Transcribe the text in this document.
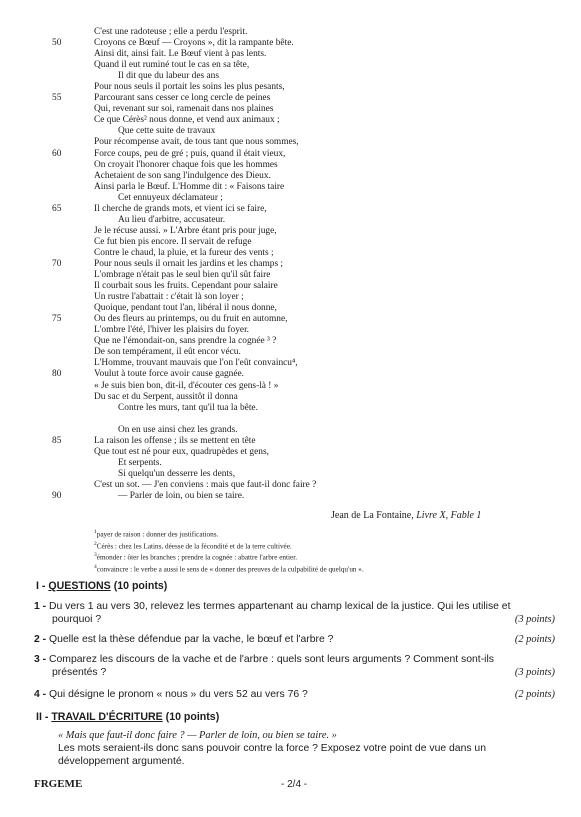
C'est une radoteuse ; elle a perdu l'esprit.
50	Croyons ce Bœuf — Croyons », dit la rampante bête.
Ainsi dit, ainsi fait. Le Bœuf vient à pas lents.
Quand il eut ruminé tout le cas en sa tête,
Il dit que du labeur des ans
Pour nous seuls il portait les soins les plus pesants,
55	Parcourant sans cesser ce long cercle de peines
Qui, revenant sur soi, ramenait dans nos plaines
Ce que Cérès² nous donne, et vend aux animaux ;
Que cette suite de travaux
Pour récompense avait, de tous tant que nous sommes,
60	Force coups, peu de gré ; puis, quand il était vieux,
On croyait l'honorer chaque fois que les hommes
Achetaient de son sang l'indulgence des Dieux.
Ainsi parla le Bœuf. L'Homme dit : « Faisons taire
Cet ennuyeux déclamateur ;
65	Il cherche de grands mots, et vient ici se faire,
Au lieu d'arbitre, accusateur.
Je le récuse aussi. » L'Arbre étant pris pour juge,
Ce fut bien pis encore. Il servait de refuge
Contre le chaud, la pluie, et la fureur des vents ;
70	Pour nous seuls il ornait les jardins et les champs ;
L'ombrage n'était pas le seul bien qu'il sût faire
Il courbait sous les fruits. Cependant pour salaire
Un rustre l'abattait : c'était là son loyer ;
Quoique, pendant tout l'an, libéral il nous donne,
75	Ou des fleurs au printemps, ou du fruit en automne,
L'ombre l'été, l'hiver les plaisirs du foyer.
Que ne l'émondait-on, sans prendre la cognée ³ ?
De son tempérament, il eût encor vécu.
L'Homme, trouvant mauvais que l'on l'eût convaincu⁴,
80	Voulut à toute force avoir cause gagnée.
« Je suis bien bon, dit-il, d'écouter ces gens-là ! »
Du sac et du Serpent, aussitôt il donna
Contre les murs, tant qu'il tua la bête.
On en use ainsi chez les grands.
85	La raison les offense ; ils se mettent en tête
Que tout est né pour eux, quadrupèdes et gens,
Et serpents.
Si quelqu'un desserre les dents,
C'est un sot. — J'en conviens : mais que faut-il donc faire ?
90	— Parler de loin, ou bien se taire.
Jean de La Fontaine, Livre X, Fable 1
$^1$payer de raison : donner des justifications.
$^2$Cérès : chez les Latins, déesse de la fécondité et de la terre cultivée.
$^3$émonder : ôter les branches ; prendre la cognée : abattre l'arbre entier.
$^4$convaincre : le verbe a aussi le sens de « donner des preuves de la culpabilité de quelqu'un ».
I - QUESTIONS (10 points)
1 - Du vers 1 au vers 30, relevez les termes appartenant au champ lexical de la justice. Qui les utilise et
pourquoi ?	(3 points)
2 - Quelle est la thèse défendue par la vache, le bœuf et l'arbre ?	(2 points)
3 - Comparez les discours de la vache et de l'arbre : quels sont leurs arguments ? Comment sont-ils
présentés ?	(3 points)
4 - Qui désigne le pronom « nous » du vers 52 au vers 76 ?	(2 points)
II - TRAVAIL D'ÉCRITURE (10 points)
« Mais que faut-il donc faire ? — Parler de loin, ou bien se taire. »
Les mots seraient-ils donc sans pouvoir contre la force ? Exposez votre point de vue dans un
développement argumenté.
FRGEME	- 2/4 -
